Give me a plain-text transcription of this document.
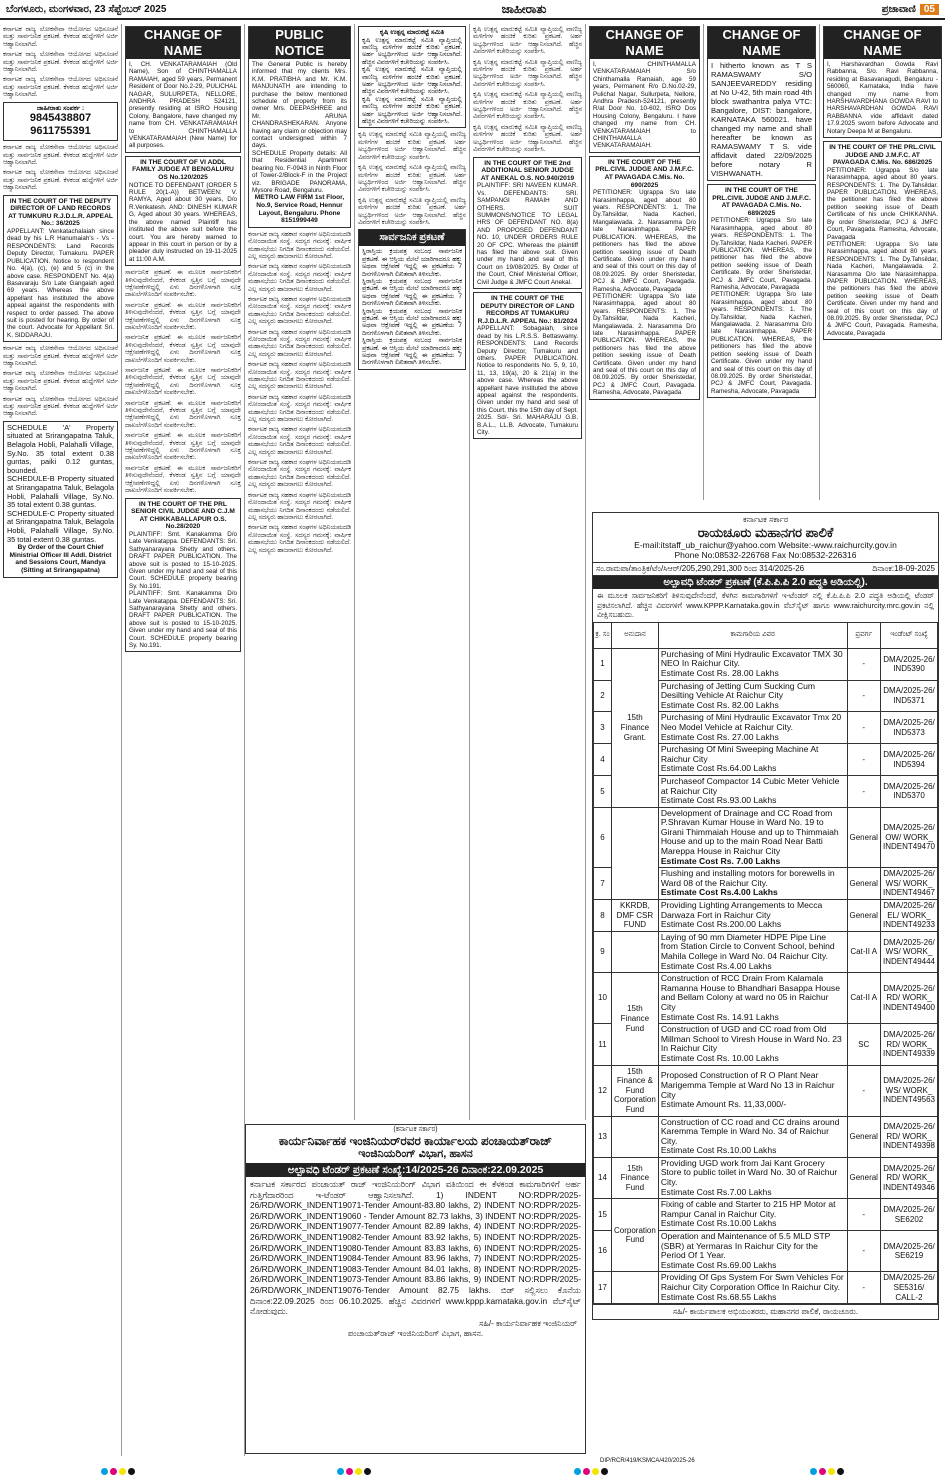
ಬೆಂಗಳೂರು, ಮಂಗಳವಾರ, 23 ಸೆಪ್ಟೆಂಬರ್ 2025	ಜಾಹೀರಾತು	ಪ್ರಜಾವಾಣಿ 05
ಕರ್ನಾಟಕ ರಾಜ್ಯ ಲೋಕಸೇವಾ ಆಯೋಗದ ಅಧಿಸೂಚನೆ ಮತ್ತು ಸಾರ್ವಜನಿಕ ಪ್ರಕಟಣೆ. ಕೆಳಕಂಡ ಹುದ್ದೆಗಳಿಗೆ ಅರ್ಜಿ ಆಹ್ವಾನಿಸಲಾಗಿದೆ.
ಕರ್ನಾಟಕ ರಾಜ್ಯ ಲೋಕಸೇವಾ ಆಯೋಗದ ಅಧಿಸೂಚನೆ ಮತ್ತು ಸಾರ್ವಜನಿಕ ಪ್ರಕಟಣೆ. ಕೆಳಕಂಡ ಹುದ್ದೆಗಳಿಗೆ ಅರ್ಜಿ ಆಹ್ವಾನಿಸಲಾಗಿದೆ.
ಕರ್ನಾಟಕ ರಾಜ್ಯ ಲೋಕಸೇವಾ ಆಯೋಗದ ಅಧಿಸೂಚನೆ ಮತ್ತು ಸಾರ್ವಜನಿಕ ಪ್ರಕಟಣೆ. ಕೆಳಕಂಡ ಹುದ್ದೆಗಳಿಗೆ ಅರ್ಜಿ ಆಹ್ವಾನಿಸಲಾಗಿದೆ.
ಜಾಹೀರಾತು ಸಂಪರ್ಕ :
9845438807
9611755391
ಕರ್ನಾಟಕ ರಾಜ್ಯ ಲೋಕಸೇವಾ ಆಯೋಗದ ಅಧಿಸೂಚನೆ ಮತ್ತು ಸಾರ್ವಜನಿಕ ಪ್ರಕಟಣೆ. ಕೆಳಕಂಡ ಹುದ್ದೆಗಳಿಗೆ ಅರ್ಜಿ ಆಹ್ವಾನಿಸಲಾಗಿದೆ.
ಕರ್ನಾಟಕ ರಾಜ್ಯ ಲೋಕಸೇವಾ ಆಯೋಗದ ಅಧಿಸೂಚನೆ ಮತ್ತು ಸಾರ್ವಜನಿಕ ಪ್ರಕಟಣೆ. ಕೆಳಕಂಡ ಹುದ್ದೆಗಳಿಗೆ ಅರ್ಜಿ ಆಹ್ವಾನಿಸಲಾಗಿದೆ.
IN THE COURT OF THE DEPUTY DIRECTOR OF LAND RECORDS AT TUMKURU R.J.D.L.R. APPEAL No.: 36/2025
APPELLANT: Venkatachalaiah since dead by his L.R Hanumaiah's - Vs - RESPONDENTS: Land Records Deputy Director, Tumakuru. PAPER PUBLICATION. Notice to respondent No. 4(a), (c), (e) and 5 (c) in the above case. RESPONDENT No. 4(a) Basavaraju S/o Late Gangaiah aged 69 years. Whereas the above appellant has instituted the above appeal against the respondents with respect to order passed. The above suit is posted for hearing. By order of the court. Advocate for Appellant Sri. K. SIDDARAJU.
ಕರ್ನಾಟಕ ರಾಜ್ಯ ಲೋಕಸೇವಾ ಆಯೋಗದ ಅಧಿಸೂಚನೆ ಮತ್ತು ಸಾರ್ವಜನಿಕ ಪ್ರಕಟಣೆ. ಕೆಳಕಂಡ ಹುದ್ದೆಗಳಿಗೆ ಅರ್ಜಿ ಆಹ್ವಾನಿಸಲಾಗಿದೆ.
ಕರ್ನಾಟಕ ರಾಜ್ಯ ಲೋಕಸೇವಾ ಆಯೋಗದ ಅಧಿಸೂಚನೆ ಮತ್ತು ಸಾರ್ವಜನಿಕ ಪ್ರಕಟಣೆ. ಕೆಳಕಂಡ ಹುದ್ದೆಗಳಿಗೆ ಅರ್ಜಿ ಆಹ್ವಾನಿಸಲಾಗಿದೆ.
ಕರ್ನಾಟಕ ರಾಜ್ಯ ಲೋಕಸೇವಾ ಆಯೋಗದ ಅಧಿಸೂಚನೆ ಮತ್ತು ಸಾರ್ವಜನಿಕ ಪ್ರಕಟಣೆ. ಕೆಳಕಂಡ ಹುದ್ದೆಗಳಿಗೆ ಅರ್ಜಿ ಆಹ್ವಾನಿಸಲಾಗಿದೆ.
SCHEDULE 'A' Property situated at Srirangapatna Taluk, Belagola Hobli, Palahalli Village, Sy.No. 35 total extent 0.38 guntas, paiki 0.12 guntas, bounded.
SCHEDULE-B Property situated at Srirangapatna Taluk, Belagola Hobli, Palahalli Village, Sy.No. 35 total extent 0.38 guntas.
SCHEDULE-C Property situated at Srirangapatna Taluk, Belagola Hobli, Palahalli Village, Sy.No. 35 total extent 0.38 guntas.
By Order of the Court Chief Ministrial Officer III Addl. District and Sessions Court, Mandya (Sitting at Srirangapatna)
CHANGE OF NAME
I, CH. VENKATARAMAIAH (Old Name), Son of CHINTHAMALLA RAMAIAH, aged 59 years, Permanent Resident of Door No.2-29, PULICHAL NAGAR, SULURPETA, NELLORE, ANDHRA PRADESH 524121, presently residing at ISRO Housing Colony, Bangalore, have changed my name from CH. VENKATARAMAIAH to CHINTHAMALLA VENKATARAMAIAH (New Name) for all purposes.
IN THE COURT OF VI ADDL FAMILY JUDGE AT BENGALURU OS No.120/2025
NOTICE TO DEFENDANT (ORDER 5 RULE 20(1-A)) BETWEEN: V. RAMYA, Aged about 30 years, D/o R.Venkatesh. AND: DINESH KUMAR G, Aged about 30 years. WHEREAS, the above named Plaintiff has instituted the above suit before the court. You are hereby warned to appear in this court in person or by a pleader duly instructed on 19-11-2025 at 11:00 A.M.
ಸಾರ್ವಜನಿಕ ಪ್ರಕಟಣೆ: ಈ ಮೂಲಕ ಸಾರ್ವಜನಿಕರಿಗೆ ತಿಳಿಸುವುದೇನೆಂದರೆ, ಕೆಳಕಂಡ ಸ್ವತ್ತಿನ ಬಗ್ಗೆ ಯಾವುದೇ ಆಕ್ಷೇಪಣೆಗಳಿದ್ದಲ್ಲಿ ಏಳು ದಿನಗಳೊಳಗಾಗಿ ಸೂಕ್ತ ದಾಖಲೆಗಳೊಂದಿಗೆ ಸಂಪರ್ಕಿಸಬೇಕು.
ಸಾರ್ವಜನಿಕ ಪ್ರಕಟಣೆ: ಈ ಮೂಲಕ ಸಾರ್ವಜನಿಕರಿಗೆ ತಿಳಿಸುವುದೇನೆಂದರೆ, ಕೆಳಕಂಡ ಸ್ವತ್ತಿನ ಬಗ್ಗೆ ಯಾವುದೇ ಆಕ್ಷೇಪಣೆಗಳಿದ್ದಲ್ಲಿ ಏಳು ದಿನಗಳೊಳಗಾಗಿ ಸೂಕ್ತ ದಾಖಲೆಗಳೊಂದಿಗೆ ಸಂಪರ್ಕಿಸಬೇಕು.
ಸಾರ್ವಜನಿಕ ಪ್ರಕಟಣೆ: ಈ ಮೂಲಕ ಸಾರ್ವಜನಿಕರಿಗೆ ತಿಳಿಸುವುದೇನೆಂದರೆ, ಕೆಳಕಂಡ ಸ್ವತ್ತಿನ ಬಗ್ಗೆ ಯಾವುದೇ ಆಕ್ಷೇಪಣೆಗಳಿದ್ದಲ್ಲಿ ಏಳು ದಿನಗಳೊಳಗಾಗಿ ಸೂಕ್ತ ದಾಖಲೆಗಳೊಂದಿಗೆ ಸಂಪರ್ಕಿಸಬೇಕು.
ಸಾರ್ವಜನಿಕ ಪ್ರಕಟಣೆ: ಈ ಮೂಲಕ ಸಾರ್ವಜನಿಕರಿಗೆ ತಿಳಿಸುವುದೇನೆಂದರೆ, ಕೆಳಕಂಡ ಸ್ವತ್ತಿನ ಬಗ್ಗೆ ಯಾವುದೇ ಆಕ್ಷೇಪಣೆಗಳಿದ್ದಲ್ಲಿ ಏಳು ದಿನಗಳೊಳಗಾಗಿ ಸೂಕ್ತ ದಾಖಲೆಗಳೊಂದಿಗೆ ಸಂಪರ್ಕಿಸಬೇಕು.
ಸಾರ್ವಜನಿಕ ಪ್ರಕಟಣೆ: ಈ ಮೂಲಕ ಸಾರ್ವಜನಿಕರಿಗೆ ತಿಳಿಸುವುದೇನೆಂದರೆ, ಕೆಳಕಂಡ ಸ್ವತ್ತಿನ ಬಗ್ಗೆ ಯಾವುದೇ ಆಕ್ಷೇಪಣೆಗಳಿದ್ದಲ್ಲಿ ಏಳು ದಿನಗಳೊಳಗಾಗಿ ಸೂಕ್ತ ದಾಖಲೆಗಳೊಂದಿಗೆ ಸಂಪರ್ಕಿಸಬೇಕು.
ಸಾರ್ವಜನಿಕ ಪ್ರಕಟಣೆ: ಈ ಮೂಲಕ ಸಾರ್ವಜನಿಕರಿಗೆ ತಿಳಿಸುವುದೇನೆಂದರೆ, ಕೆಳಕಂಡ ಸ್ವತ್ತಿನ ಬಗ್ಗೆ ಯಾವುದೇ ಆಕ್ಷೇಪಣೆಗಳಿದ್ದಲ್ಲಿ ಏಳು ದಿನಗಳೊಳಗಾಗಿ ಸೂಕ್ತ ದಾಖಲೆಗಳೊಂದಿಗೆ ಸಂಪರ್ಕಿಸಬೇಕು.
ಸಾರ್ವಜನಿಕ ಪ್ರಕಟಣೆ: ಈ ಮೂಲಕ ಸಾರ್ವಜನಿಕರಿಗೆ ತಿಳಿಸುವುದೇನೆಂದರೆ, ಕೆಳಕಂಡ ಸ್ವತ್ತಿನ ಬಗ್ಗೆ ಯಾವುದೇ ಆಕ್ಷೇಪಣೆಗಳಿದ್ದಲ್ಲಿ ಏಳು ದಿನಗಳೊಳಗಾಗಿ ಸೂಕ್ತ ದಾಖಲೆಗಳೊಂದಿಗೆ ಸಂಪರ್ಕಿಸಬೇಕು.
IN THE COURT OF THE PRL SENIOR CIVIL JUDGE AND C.J.M AT CHIKKABALLAPUR O.S. No.28/2020
PLAINTIFF: Smt. Kanakamma D/o Late Venkatappa. DEFENDANTS: Sri. Sathyanarayana Shetty and others. DRAFT PAPER PUBLICATION. The above suit is posted to 15-10-2025. Given under my hand and seal of this Court. SCHEDULE property bearing Sy. No.191.
PLAINTIFF: Smt. Kanakamma D/o Late Venkatappa. DEFENDANTS: Sri. Sathyanarayana Shetty and others. DRAFT PAPER PUBLICATION. The above suit is posted to 15-10-2025. Given under my hand and seal of this Court. SCHEDULE property bearing Sy. No.191.
PUBLIC NOTICE
The General Public is hereby informed that my clients Mrs. K.M. PRATIBHA and Mr. K.M. MANJUNATH are intending to purchase the below mentioned schedule of property from its owner Mrs. DEEPASHREE and Mr. ARUNA CHANDRASHEKARAN. Anyone having any claim or objection may contact undersigned within 7 days.
SCHEDULE Property details: All that Residential Apartment bearing No. F-0943 in Ninth Floor of Tower-2/Block-F in the Project viz. BRIGADE PANORAMA, Mysore Road, Bengaluru.
METRO LAW FIRM 1st Floor, No.9, Service Road, Hennur Layout, Bengaluru. Phone 8151999449
ಕರ್ನಾಟಕ ರಾಜ್ಯ ಸಹಕಾರ ಸಂಘಗಳ ಅಧಿನಿಯಮದಡಿ ನೋಂದಾಯಿತ ಸಂಸ್ಥೆ. ಸದಸ್ಯರ ಗಮನಕ್ಕೆ: ವಾರ್ಷಿಕ ಮಹಾಸಭೆಯು ನಿಗದಿತ ದಿನಾಂಕದಂದು ನಡೆಯಲಿದೆ. ಎಲ್ಲ ಸದಸ್ಯರು ಹಾಜರಾಗಲು ಕೋರಲಾಗಿದೆ.
ಕರ್ನಾಟಕ ರಾಜ್ಯ ಸಹಕಾರ ಸಂಘಗಳ ಅಧಿನಿಯಮದಡಿ ನೋಂದಾಯಿತ ಸಂಸ್ಥೆ. ಸದಸ್ಯರ ಗಮನಕ್ಕೆ: ವಾರ್ಷಿಕ ಮಹಾಸಭೆಯು ನಿಗದಿತ ದಿನಾಂಕದಂದು ನಡೆಯಲಿದೆ. ಎಲ್ಲ ಸದಸ್ಯರು ಹಾಜರಾಗಲು ಕೋರಲಾಗಿದೆ.
ಕರ್ನಾಟಕ ರಾಜ್ಯ ಸಹಕಾರ ಸಂಘಗಳ ಅಧಿನಿಯಮದಡಿ ನೋಂದಾಯಿತ ಸಂಸ್ಥೆ. ಸದಸ್ಯರ ಗಮನಕ್ಕೆ: ವಾರ್ಷಿಕ ಮಹಾಸಭೆಯು ನಿಗದಿತ ದಿನಾಂಕದಂದು ನಡೆಯಲಿದೆ. ಎಲ್ಲ ಸದಸ್ಯರು ಹಾಜರಾಗಲು ಕೋರಲಾಗಿದೆ.
ಕರ್ನಾಟಕ ರಾಜ್ಯ ಸಹಕಾರ ಸಂಘಗಳ ಅಧಿನಿಯಮದಡಿ ನೋಂದಾಯಿತ ಸಂಸ್ಥೆ. ಸದಸ್ಯರ ಗಮನಕ್ಕೆ: ವಾರ್ಷಿಕ ಮಹಾಸಭೆಯು ನಿಗದಿತ ದಿನಾಂಕದಂದು ನಡೆಯಲಿದೆ. ಎಲ್ಲ ಸದಸ್ಯರು ಹಾಜರಾಗಲು ಕೋರಲಾಗಿದೆ.
ಕರ್ನಾಟಕ ರಾಜ್ಯ ಸಹಕಾರ ಸಂಘಗಳ ಅಧಿನಿಯಮದಡಿ ನೋಂದಾಯಿತ ಸಂಸ್ಥೆ. ಸದಸ್ಯರ ಗಮನಕ್ಕೆ: ವಾರ್ಷಿಕ ಮಹಾಸಭೆಯು ನಿಗದಿತ ದಿನಾಂಕದಂದು ನಡೆಯಲಿದೆ. ಎಲ್ಲ ಸದಸ್ಯರು ಹಾಜರಾಗಲು ಕೋರಲಾಗಿದೆ.
ಕರ್ನಾಟಕ ರಾಜ್ಯ ಸಹಕಾರ ಸಂಘಗಳ ಅಧಿನಿಯಮದಡಿ ನೋಂದಾಯಿತ ಸಂಸ್ಥೆ. ಸದಸ್ಯರ ಗಮನಕ್ಕೆ: ವಾರ್ಷಿಕ ಮಹಾಸಭೆಯು ನಿಗದಿತ ದಿನಾಂಕದಂದು ನಡೆಯಲಿದೆ. ಎಲ್ಲ ಸದಸ್ಯರು ಹಾಜರಾಗಲು ಕೋರಲಾಗಿದೆ.
ಕರ್ನಾಟಕ ರಾಜ್ಯ ಸಹಕಾರ ಸಂಘಗಳ ಅಧಿನಿಯಮದಡಿ ನೋಂದಾಯಿತ ಸಂಸ್ಥೆ. ಸದಸ್ಯರ ಗಮನಕ್ಕೆ: ವಾರ್ಷಿಕ ಮಹಾಸಭೆಯು ನಿಗದಿತ ದಿನಾಂಕದಂದು ನಡೆಯಲಿದೆ. ಎಲ್ಲ ಸದಸ್ಯರು ಹಾಜರಾಗಲು ಕೋರಲಾಗಿದೆ.
ಕರ್ನಾಟಕ ರಾಜ್ಯ ಸಹಕಾರ ಸಂಘಗಳ ಅಧಿನಿಯಮದಡಿ ನೋಂದಾಯಿತ ಸಂಸ್ಥೆ. ಸದಸ್ಯರ ಗಮನಕ್ಕೆ: ವಾರ್ಷಿಕ ಮಹಾಸಭೆಯು ನಿಗದಿತ ದಿನಾಂಕದಂದು ನಡೆಯಲಿದೆ. ಎಲ್ಲ ಸದಸ್ಯರು ಹಾಜರಾಗಲು ಕೋರಲಾಗಿದೆ.
ಕರ್ನಾಟಕ ರಾಜ್ಯ ಸಹಕಾರ ಸಂಘಗಳ ಅಧಿನಿಯಮದಡಿ ನೋಂದಾಯಿತ ಸಂಸ್ಥೆ. ಸದಸ್ಯರ ಗಮನಕ್ಕೆ: ವಾರ್ಷಿಕ ಮಹಾಸಭೆಯು ನಿಗದಿತ ದಿನಾಂಕದಂದು ನಡೆಯಲಿದೆ. ಎಲ್ಲ ಸದಸ್ಯರು ಹಾಜರಾಗಲು ಕೋರಲಾಗಿದೆ.
ಕರ್ನಾಟಕ ರಾಜ್ಯ ಸಹಕಾರ ಸಂಘಗಳ ಅಧಿನಿಯಮದಡಿ ನೋಂದಾಯಿತ ಸಂಸ್ಥೆ. ಸದಸ್ಯರ ಗಮನಕ್ಕೆ: ವಾರ್ಷಿಕ ಮಹಾಸಭೆಯು ನಿಗದಿತ ದಿನಾಂಕದಂದು ನಡೆಯಲಿದೆ. ಎಲ್ಲ ಸದಸ್ಯರು ಹಾಜರಾಗಲು ಕೋರಲಾಗಿದೆ.
ಕೃಷಿ ಉತ್ಪನ್ನ ಮಾರುಕಟ್ಟೆ ಸಮಿತಿ
ಕೃಷಿ ಉತ್ಪನ್ನ ಮಾರುಕಟ್ಟೆ ಸಮಿತಿ ವ್ಯಾಪ್ತಿಯಲ್ಲಿ ವಾಣಿಜ್ಯ ಮಳಿಗೆಗಳ ಹಂಚಿಕೆ ಕುರಿತು ಪ್ರಕಟಣೆ. ಅರ್ಹ ಅಭ್ಯರ್ಥಿಗಳಿಂದ ಅರ್ಜಿ ಆಹ್ವಾನಿಸಲಾಗಿದೆ. ಹೆಚ್ಚಿನ ವಿವರಗಳಿಗೆ ಕಚೇರಿಯನ್ನು ಸಂಪರ್ಕಿಸಿ.
ಕೃಷಿ ಉತ್ಪನ್ನ ಮಾರುಕಟ್ಟೆ ಸಮಿತಿ ವ್ಯಾಪ್ತಿಯಲ್ಲಿ ವಾಣಿಜ್ಯ ಮಳಿಗೆಗಳ ಹಂಚಿಕೆ ಕುರಿತು ಪ್ರಕಟಣೆ. ಅರ್ಹ ಅಭ್ಯರ್ಥಿಗಳಿಂದ ಅರ್ಜಿ ಆಹ್ವಾನಿಸಲಾಗಿದೆ. ಹೆಚ್ಚಿನ ವಿವರಗಳಿಗೆ ಕಚೇರಿಯನ್ನು ಸಂಪರ್ಕಿಸಿ.
ಕೃಷಿ ಉತ್ಪನ್ನ ಮಾರುಕಟ್ಟೆ ಸಮಿತಿ ವ್ಯಾಪ್ತಿಯಲ್ಲಿ ವಾಣಿಜ್ಯ ಮಳಿಗೆಗಳ ಹಂಚಿಕೆ ಕುರಿತು ಪ್ರಕಟಣೆ. ಅರ್ಹ ಅಭ್ಯರ್ಥಿಗಳಿಂದ ಅರ್ಜಿ ಆಹ್ವಾನಿಸಲಾಗಿದೆ. ಹೆಚ್ಚಿನ ವಿವರಗಳಿಗೆ ಕಚೇರಿಯನ್ನು ಸಂಪರ್ಕಿಸಿ.
ಕೃಷಿ ಉತ್ಪನ್ನ ಮಾರುಕಟ್ಟೆ ಸಮಿತಿ ವ್ಯಾಪ್ತಿಯಲ್ಲಿ ವಾಣಿಜ್ಯ ಮಳಿಗೆಗಳ ಹಂಚಿಕೆ ಕುರಿತು ಪ್ರಕಟಣೆ. ಅರ್ಹ ಅಭ್ಯರ್ಥಿಗಳಿಂದ ಅರ್ಜಿ ಆಹ್ವಾನಿಸಲಾಗಿದೆ. ಹೆಚ್ಚಿನ ವಿವರಗಳಿಗೆ ಕಚೇರಿಯನ್ನು ಸಂಪರ್ಕಿಸಿ.
ಕೃಷಿ ಉತ್ಪನ್ನ ಮಾರುಕಟ್ಟೆ ಸಮಿತಿ ವ್ಯಾಪ್ತಿಯಲ್ಲಿ ವಾಣಿಜ್ಯ ಮಳಿಗೆಗಳ ಹಂಚಿಕೆ ಕುರಿತು ಪ್ರಕಟಣೆ. ಅರ್ಹ ಅಭ್ಯರ್ಥಿಗಳಿಂದ ಅರ್ಜಿ ಆಹ್ವಾನಿಸಲಾಗಿದೆ. ಹೆಚ್ಚಿನ ವಿವರಗಳಿಗೆ ಕಚೇರಿಯನ್ನು ಸಂಪರ್ಕಿಸಿ.
ಕೃಷಿ ಉತ್ಪನ್ನ ಮಾರುಕಟ್ಟೆ ಸಮಿತಿ ವ್ಯಾಪ್ತಿಯಲ್ಲಿ ವಾಣಿಜ್ಯ ಮಳಿಗೆಗಳ ಹಂಚಿಕೆ ಕುರಿತು ಪ್ರಕಟಣೆ. ಅರ್ಹ ಅಭ್ಯರ್ಥಿಗಳಿಂದ ಅರ್ಜಿ ಆಹ್ವಾನಿಸಲಾಗಿದೆ. ಹೆಚ್ಚಿನ ವಿವರಗಳಿಗೆ ಕಚೇರಿಯನ್ನು ಸಂಪರ್ಕಿಸಿ.
ಸಾರ್ವಜನಿಕ ಪ್ರಕಟಣೆ
ಸ್ಥಿರಾಸ್ತಿಯ ಕ್ರಯಪತ್ರ ಸಂಬಂಧ ಸಾರ್ವಜನಿಕ ಪ್ರಕಟಣೆ. ಈ ಆಸ್ತಿಯ ಮೇಲೆ ಯಾರಿಗಾದರೂ ಹಕ್ಕು ಅಥವಾ ಆಕ್ಷೇಪಣೆ ಇದ್ದಲ್ಲಿ ಈ ಪ್ರಕಟಣೆಯ 7 ದಿನಗಳೊಳಗಾಗಿ ಲಿಖಿತವಾಗಿ ತಿಳಿಸಬೇಕು.
ಸ್ಥಿರಾಸ್ತಿಯ ಕ್ರಯಪತ್ರ ಸಂಬಂಧ ಸಾರ್ವಜನಿಕ ಪ್ರಕಟಣೆ. ಈ ಆಸ್ತಿಯ ಮೇಲೆ ಯಾರಿಗಾದರೂ ಹಕ್ಕು ಅಥವಾ ಆಕ್ಷೇಪಣೆ ಇದ್ದಲ್ಲಿ ಈ ಪ್ರಕಟಣೆಯ 7 ದಿನಗಳೊಳಗಾಗಿ ಲಿಖಿತವಾಗಿ ತಿಳಿಸಬೇಕು.
ಸ್ಥಿರಾಸ್ತಿಯ ಕ್ರಯಪತ್ರ ಸಂಬಂಧ ಸಾರ್ವಜನಿಕ ಪ್ರಕಟಣೆ. ಈ ಆಸ್ತಿಯ ಮೇಲೆ ಯಾರಿಗಾದರೂ ಹಕ್ಕು ಅಥವಾ ಆಕ್ಷೇಪಣೆ ಇದ್ದಲ್ಲಿ ಈ ಪ್ರಕಟಣೆಯ 7 ದಿನಗಳೊಳಗಾಗಿ ಲಿಖಿತವಾಗಿ ತಿಳಿಸಬೇಕು.
ಸ್ಥಿರಾಸ್ತಿಯ ಕ್ರಯಪತ್ರ ಸಂಬಂಧ ಸಾರ್ವಜನಿಕ ಪ್ರಕಟಣೆ. ಈ ಆಸ್ತಿಯ ಮೇಲೆ ಯಾರಿಗಾದರೂ ಹಕ್ಕು ಅಥವಾ ಆಕ್ಷೇಪಣೆ ಇದ್ದಲ್ಲಿ ಈ ಪ್ರಕಟಣೆಯ 7 ದಿನಗಳೊಳಗಾಗಿ ಲಿಖಿತವಾಗಿ ತಿಳಿಸಬೇಕು.
ಕೃಷಿ ಉತ್ಪನ್ನ ಮಾರುಕಟ್ಟೆ ಸಮಿತಿ ವ್ಯಾಪ್ತಿಯಲ್ಲಿ ವಾಣಿಜ್ಯ ಮಳಿಗೆಗಳ ಹಂಚಿಕೆ ಕುರಿತು ಪ್ರಕಟಣೆ. ಅರ್ಹ ಅಭ್ಯರ್ಥಿಗಳಿಂದ ಅರ್ಜಿ ಆಹ್ವಾನಿಸಲಾಗಿದೆ. ಹೆಚ್ಚಿನ ವಿವರಗಳಿಗೆ ಕಚೇರಿಯನ್ನು ಸಂಪರ್ಕಿಸಿ.
ಕೃಷಿ ಉತ್ಪನ್ನ ಮಾರುಕಟ್ಟೆ ಸಮಿತಿ ವ್ಯಾಪ್ತಿಯಲ್ಲಿ ವಾಣಿಜ್ಯ ಮಳಿಗೆಗಳ ಹಂಚಿಕೆ ಕುರಿತು ಪ್ರಕಟಣೆ. ಅರ್ಹ ಅಭ್ಯರ್ಥಿಗಳಿಂದ ಅರ್ಜಿ ಆಹ್ವಾನಿಸಲಾಗಿದೆ. ಹೆಚ್ಚಿನ ವಿವರಗಳಿಗೆ ಕಚೇರಿಯನ್ನು ಸಂಪರ್ಕಿಸಿ.
ಕೃಷಿ ಉತ್ಪನ್ನ ಮಾರುಕಟ್ಟೆ ಸಮಿತಿ ವ್ಯಾಪ್ತಿಯಲ್ಲಿ ವಾಣಿಜ್ಯ ಮಳಿಗೆಗಳ ಹಂಚಿಕೆ ಕುರಿತು ಪ್ರಕಟಣೆ. ಅರ್ಹ ಅಭ್ಯರ್ಥಿಗಳಿಂದ ಅರ್ಜಿ ಆಹ್ವಾನಿಸಲಾಗಿದೆ. ಹೆಚ್ಚಿನ ವಿವರಗಳಿಗೆ ಕಚೇರಿಯನ್ನು ಸಂಪರ್ಕಿಸಿ.
ಕೃಷಿ ಉತ್ಪನ್ನ ಮಾರುಕಟ್ಟೆ ಸಮಿತಿ ವ್ಯಾಪ್ತಿಯಲ್ಲಿ ವಾಣಿಜ್ಯ ಮಳಿಗೆಗಳ ಹಂಚಿಕೆ ಕುರಿತು ಪ್ರಕಟಣೆ. ಅರ್ಹ ಅಭ್ಯರ್ಥಿಗಳಿಂದ ಅರ್ಜಿ ಆಹ್ವಾನಿಸಲಾಗಿದೆ. ಹೆಚ್ಚಿನ ವಿವರಗಳಿಗೆ ಕಚೇರಿಯನ್ನು ಸಂಪರ್ಕಿಸಿ.
IN THE COURT OF THE 2nd ADDITIONAL SENIOR JUDGE AT ANEKAL O.S. NO.940/2019
PLAINTIFF: SRI NAVEEN KUMAR. Vs. DEFENDANTS: SRI. SAMPANGI RAMAIH AND OTHERS. SUIT SUMMONS/NOTICE TO LEGAL HRS OF DEFENDANT NO. 8(a) AND PROPOSED DEFENDANT NO. 10, UNDER ORDERS RULE 20 OF CPC. Whereas the plaintiff has filed the above suit. Given under my hand and seal of this Court on 19/08/2025. By Order of the Court, Chief Ministerial Officer, Civil Judge & JMFC Court Anekal.
IN THE COURT OF THE DEPUTY DIRECTOR OF LAND RECORDS AT TUMAKURU R.J.D.L.R. APPEAL No.: 81/2024
APPELLANT: Sobagaiah, since dead by his L.R.S.S. Bettaswamy. RESPONDENTS: Land Records Deputy Director, Tumakuru and others. PAPER PUBLICATION. Notice to respondents No. 5, 9, 10, 11, 13, 19(a), 20 & 21(a) in the above case. Whereas the above appellant have instituted the above appeal against the respondents. Given under my hand and seal of this Court, this the 15th day of Sept. 2025. Sd/- Sri. MAHARAJU G.B. B.A.L., LL.B. Advocate, Tumakuru City.
CHANGE OF NAME
I, CHINTHAMALLA VENKATARAMAIAH S/o Chinthamalla Ramaiah, age 59 years, Permanent R/o D.No.02-29, Pulichal Nagar, Sullurpeta, Nellore, Andhra Pradesh-524121, presently R/at Door No. 10-602, ISRO Dos Housing Colony, Bengaluru. I have changed my name from CH. VENKATARAMAIAH to CHINTHAMALLA VENKATARAMAIAH.
IN THE COURT OF THE PRL.CIVIL JUDGE AND J.M.F.C. AT PAVAGADA C.Mis. No. 690/2025
PETITIONER: Ugrappa S/o late Narasimhappa, aged about 80 years. RESPONDENTS: 1. The Dy.Tahsildar, Nada Kacheri, Mangalawada. 2. Narasamma D/o late Narasimhappa. PAPER PUBLICATION. WHEREAS, the petitioners has filed the above petition seeking issue of Death Certificate. Given under my hand and seal of this court on this day of 08.09.2025. By order Sheristedar, PCJ & JMFC Court, Pavagada. Ramesha, Advocate, Pavagada
PETITIONER: Ugrappa S/o late Narasimhappa, aged about 80 years. RESPONDENTS: 1. The Dy.Tahsildar, Nada Kacheri, Mangalawada. 2. Narasamma D/o late Narasimhappa. PAPER PUBLICATION. WHEREAS, the petitioners has filed the above petition seeking issue of Death Certificate. Given under my hand and seal of this court on this day of 08.09.2025. By order Sheristedar, PCJ & JMFC Court, Pavagada. Ramesha, Advocate, Pavagada
CHANGE OF NAME
I hitherto known as T S RAMASWAMY S/O SANJEEVAREDDY residing at No U-42, 5th main road 4th block swathantra palya VTC: Bangalore, DIST: bangalore, KARNATAKA 560021. have changed my name and shall hereafter be known as RAMASWAMY T S. vide affidavit dated 22/09/2025 before notary R VISHWANATH.
IN THE COURT OF THE PRL.CIVIL JUDGE AND J.M.F.C. AT PAVAGADA C.Mis. No. 689/2025
PETITIONER: Ugrappa S/o late Narasimhappa, aged about 80 years. RESPONDENTS: 1. The Dy.Tahsildar, Nada Kacheri. PAPER PUBLICATION. WHEREAS, the petitioner has filed the above petition seeking issue of Death Certificate. By order Sheristedar, PCJ & JMFC Court, Pavagada. Ramesha, Advocate, Pavagada
PETITIONER: Ugrappa S/o late Narasimhappa, aged about 80 years. RESPONDENTS: 1. The Dy.Tahsildar, Nada Kacheri, Mangalawada. 2. Narasamma D/o late Narasimhappa. PAPER PUBLICATION. WHEREAS, the petitioners has filed the above petition seeking issue of Death Certificate. Given under my hand and seal of this court on this day of 08.09.2025. By order Sheristedar, PCJ & JMFC Court, Pavagada. Ramesha, Advocate, Pavagada
CHANGE OF NAME
I, Harshavardhan Gowda Ravi Rabbanna, S/o. Ravi Rabbanna, residing at Basavanagudi, Bengaluru - 560060, Karnataka, India have changed my name from HARSHAVARDHANA GOWDA RAVI to HARSHAVARDHAN GOWDA RAVI RABBANNA vide affidavit dated 17.9.2025 sworn before Advocate and Notary Deepa M at Bengaluru.
IN THE COURT OF THE PRL.CIVIL JUDGE AND J.M.F.C. AT PAVAGADA C.Mis. No. 686/2025
PETITIONER: Ugrappa S/o late Narasimhappa, aged about 80 years. RESPONDENTS: 1. The Dy.Tahsildar. PAPER PUBLICATION. WHEREAS, the petitioner has filed the above petition seeking issue of Death Certificate of his uncle CHIKKANNA. By order Sheristedar, PCJ & JMFC Court, Pavagada. Ramesha, Advocate, Pavagada
PETITIONER: Ugrappa S/o late Narasimhappa, aged about 80 years. RESPONDENTS: 1. The Dy.Tahsildar, Nada Kacheri, Mangalawada. 2. Narasamma D/o late Narasimhappa. PAPER PUBLICATION. WHEREAS, the petitioners has filed the above petition seeking issue of Death Certificate. Given under my hand and seal of this court on this day of 08.09.2025. By order Sheristedar, PCJ & JMFC Court, Pavagada. Ramesha, Advocate, Pavagada
ಕರ್ನಾಟಕ ಸರ್ಕಾರ
ರಾಯಚೂರು ಮಹಾನಗರ ಪಾಲಿಕೆ
E-mail:itstaff_ub_raichur@yahoo.com Website:-www.raichurcity.gov.in
Phone No:08532-226768 Fax No:08532-226316
ಸಂ.ರಾಮಪಾ/ತಾಂತ್ರಿಕ/ಟೆಂ/ಸಿಆರ್/205,290,291,300 ರಿಂದ 314/2025-26	ದಿನಾಂಕ:18-09-2025
ಅಲ್ಪಾವಧಿ ಟೆಂಡರ್ ಪ್ರಕಟಣೆ (ಕೆ.ಪಿ.ಪಿ.ಪಿ 2.0 ಪದ್ಧತಿ ಅಡಿಯಲ್ಲಿ).
ಈ ಮೂಲಕ ಸಾರ್ವಜನಿಕರಿಗೆ ತಿಳಿಸುವುದೇನೆಂದರೆ, ಕೆಳಗಿನ ಕಾಮಗಾರಿಗಳಿಗೆ ಇ-ಟೆಂಡರ್ ನಲ್ಲಿ ಕೆ.ಪಿ.ಪಿ.ಪಿ 2.0 ಪದ್ಧತಿ ಅಡಿಯಲ್ಲಿ ಟೆಂಡರ್ ಪ್ರಕಟಿಸಲಾಗಿದೆ. ಹೆಚ್ಚಿನ ವಿವರಗಳಿಗೆ www.KPPP.Karnataka.gov.in ವೆಬ್‌ಸೈಟ್ ಹಾಗೂ www.raichurcity.mrc.gov.in ನಲ್ಲಿ ವೀಕ್ಷಿಸಬಹುದು.
ಕ್ರ. ಸಂ	ಅನುದಾನ	ಕಾಮಗಾರಿಯ ವಿವರ	ಪ್ರವರ್ಗ	ಇಂಡೆಂಟ್ ಸಂಖ್ಯೆ
1	15th Finance Grant.	Purchasing of Mini Hydraulic Excavator TMX 30 NEO In Raichur City.
Estimate Cost Rs. 28.00 Lakhs	-	DMA/2025-26/ IND5390
2		Purchasing of Jetting Cum Sucking Cum Desilting Vehicle At Raichur City
Estimate Cost Rs. 82.00 Lakhs	-	DMA/2025-26/ IND5371
3		Purchasing of Mini Hydraulic Excavator Tmx 20 Neo Model Vehicle at Raichur City.
Estimate Cost Rs. 27.00 Lakhs	-	DMA/2025-26/ IND5373
4		Purchasing Of Mini Sweeping Machine At Raichur City
Estimate Cost Rs.64.00 Lakhs	-	DMA/2025-26/ IND5394
5		Purchaseof Compactor 14 Cubic Meter Vehicle at Raichur City
Estimate Cost Rs.93.00 Lakhs	-	DMA/2025-26/ IND5370
6		Development of Drainage and CC Road from P.Shravan Kumar House in Ward No. 19 to Girani Thimmaiah House and up to Thimmaiah House and up to the main Road Near Batti Mareppa House in Raichur City
Estimate Cost Rs. 7.00 Lakhs	General	DMA/2025-26/ OW/ WORK_ INDENT49470
7		Flushing and installing motors for borewells in Ward 08 of the Raichur City.
Estimate Cost Rs.4.00 Lakhs	General	DMA/2025-26/ WS/ WORK_ INDENT49467
8	KKRDB, DMF CSR FUND	Providing Lighting Arrangements to Mecca Darwaza Fort in Raichur City
Estimate Cost Rs.200.00 Lakhs	General	DMA/2025-26/ EL/ WORK_ INDENT49233
9		Laying of 90 mm Diameter HDPE Pipe Line from Station Circle to Convent School, behind Mahila College in Ward No. 04 Raichur City.
Estimate Cost Rs.4.00 Lakhs	Cat-II A	DMA/2025-26/ WS/ WORK_ INDENT49444
10	15th Finance Fund	Construction of RCC Drain From Kalamala Ramanna House to Bhandhari Basappa House and Bellam Colony at ward no 05 in Raichur City
Estimate Cost Rs. 14.91 Lakhs	Cat-II A	DMA/2025-26/ RD/ WORK_ INDENT49400
11		Construction of UGD and CC road from Old Millman School to Viresh House in Ward No. 23 In Raichur City
Estimate Cost Rs. 10.00 Lakhs	SC	DMA/2025-26/ RD/ WORK_ INDENT49339
12	15th Finance & Fund Corporation Fund	Proposed Construction of R O Plant Near Marigemma Temple at Ward No 13 in Raichur City
Estimate Amount Rs. 11,33,000/-	-	DMA/2025-26/ WS/ WORK_ INDENT49563
13		Construction of CC road and CC drains around Karemma Temple in Ward No. 34 of Raichur City.
Estimate Cost Rs.10.00 Lakhs	General	DMA/2025-26/ RD/ WORK_ INDENT49398
14	15th Finance Fund	Providing UGD work from Jai Kant Grocery Store to public toilet in Ward No. 30 of Raichur City.
Estimate Cost Rs.7.00 Lakhs	General	DMA/2025-26/ RD/ WORK_ INDENT49346
15	Corporation Fund	Fixing of cable and Starter to 215 HP Motor at Rampur Canal in Raichur City.
Estimate Cost Rs.10.00 Lakhs	-	DMA/2025-26/ SE6202
16		Operation and Maintenance of 5.5 MLD STP (SBR) at Yermaras In Raichur City for the Period Of 1 Year.
Estimate Cost Rs.69.00 Lakhs	-	DMA/2025-26/ SE6219
17		Providing Of Gps System For Swm Vehicles For Raichur City Corporation Office In Raichur City.
Estimate Cost Rs.68.55 Lakhs	-	DMA/2025-26/ SE5316/ CALL-2
ಸಹಿ/- ಕಾರ್ಯಪಾಲಕ ಅಭಿಯಂತರರು, ಮಹಾನಗರ ಪಾಲಿಕೆ, ರಾಯಚೂರು.
DIP/RCR/419/KSMCA/420/2025-26
(ಕರ್ನಾಟಕ ಸರ್ಕಾರ)
ಕಾರ್ಯನಿರ್ವಾಹಕ ಇಂಜಿನಿಯರ್‌ರವರ ಕಾರ್ಯಾಲಯ ಪಂಚಾಯತ್‌ರಾಜ್
ಇಂಜಿನಿಯರಿಂಗ್ ವಿಭಾಗ, ಹಾಸನ
ಅಲ್ಪಾವಧಿ ಟೆಂಡರ್ ಪ್ರಕಟಣೆ ಸಂಖ್ಯೆ:14/2025-26 ದಿನಾಂಕ:22.09.2025
ಕರ್ನಾಟಕ ಸರ್ಕಾರದ ಪಂಚಾಯತ್ ರಾಜ್ ಇಂಜಿನಿಯರಿಂಗ್ ವಿಭಾಗ ವತಿಯಿಂದ ಈ ಕೆಳಕಂಡ ಕಾಮಗಾರಿಗಳಿಗೆ ಅರ್ಹ ಗುತ್ತಿಗೆದಾರರಿಂದ ಇ-ಟೆಂಡರ್ ಆಹ್ವಾನಿಸಲಾಗಿದೆ. 1) INDENT NO:RDPR/2025-26/RD/WORK_INDENT19071-Tender Amount-83.80 lakhs, 2) INDENT NO:RDPR/2025-26/RD/WORK_INDENT19060 - Tender Amount 82.73 lakhs, 3) INDENT NO:RDPR/2025-26/RD/WORK_INDENT19077-Tender Amount 82.89 lakhs, 4) INDENT NO:RDPR/2025-26/RD/WORK_INDENT19082-Tender Amount 83.92 lakhs, 5) INDENT NO:RDPR/2025-26/RD/WORK_INDENT19080-Tender Amount 83.83 lakhs, 6) INDENT NO:RDPR/2025-26/RD/WORK_INDENT19084-Tender Amount 83.96 lakhs, 7) INDENT NO:RDPR/2025-26/RD/WORK_INDENT19083-Tender Amount 84.01 lakhs, 8) INDENT NO:RDPR/2025-26/RD/WORK_INDENT19073-Tender Amount 83.86 lakhs, 9) INDENT NO:RDPR/2025-26/RD/WORK_INDENT19076-Tender Amount 82.75 lakhs. ಬಿಡ್ ಸಲ್ಲಿಸಲು ಕೊನೆಯ ದಿನಾಂಕ:22.09.2025 ರಿಂದ 06.10.2025. ಹೆಚ್ಚಿನ ವಿವರಗಳಿಗೆ www.kppp.karnataka.gov.in ವೆಬ್‌ಸೈಟ್ ನೋಡುವುದು.
ಸಹಿ/- ಕಾರ್ಯನಿರ್ವಾಹಕ ಇಂಜಿನಿಯರ್
ಪಂಚಾಯತ್‌ರಾಜ್ ಇಂಜಿನಿಯರಿಂಗ್ ವಿಭಾಗ, ಹಾಸನ.
